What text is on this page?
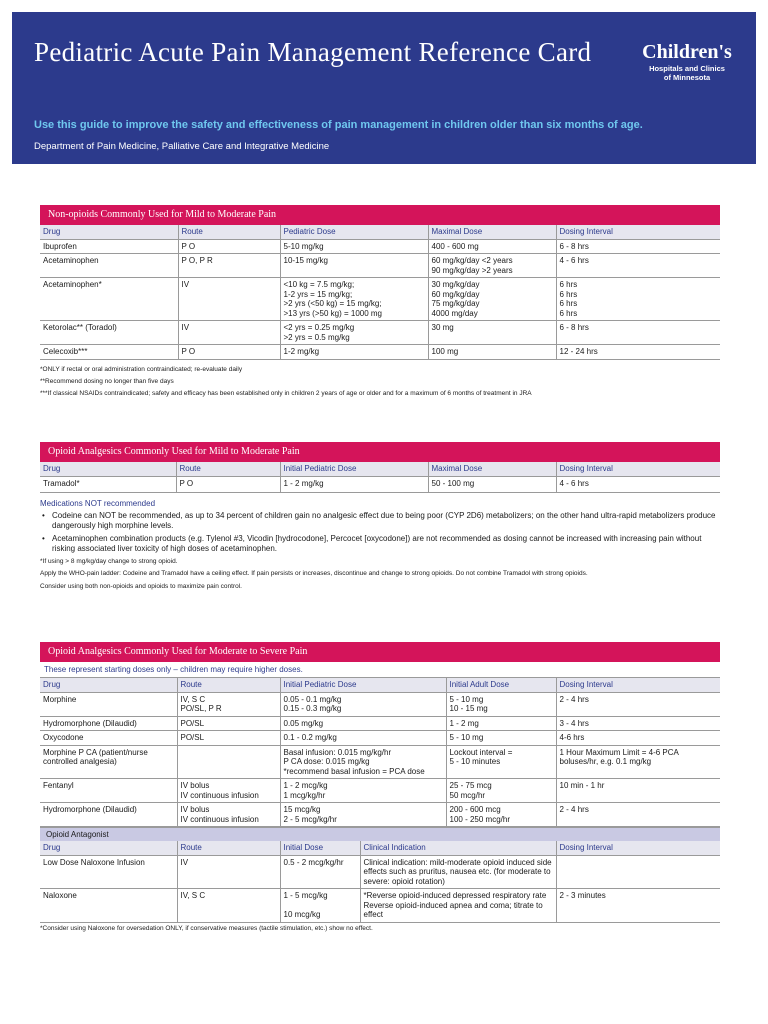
Pediatric Acute Pain Management Reference Card	Children's
Hospitals and Clinics
of Minnesota
Use this guide to improve the safety and effectiveness of pain management in children older than six months of age.
Department of Pain Medicine, Palliative Care and Integrative Medicine
Non-opioids Commonly Used for Mild to Moderate Pain
Drug	Route	Pediatric Dose	Maximal Dose	Dosing Interval
Ibuprofen	P O	5-10 mg/kg	400 - 600 mg	6 - 8 hrs
Acetaminophen	P O, P R	10-15 mg/kg	60 mg/kg/day <2 years
90 mg/kg/day >2 years	4 - 6 hrs
Acetaminophen*	IV	<10 kg = 7.5 mg/kg;
1-2 yrs = 15 mg/kg;
>2 yrs (<50 kg) = 15 mg/kg;
>13 yrs (>50 kg) = 1000 mg	30 mg/kg/day
60 mg/kg/day
75 mg/kg/day
4000 mg/day	6 hrs
6 hrs
6 hrs
6 hrs
Ketorolac** (Toradol)	IV	<2 yrs = 0.25 mg/kg
>2 yrs = 0.5 mg/kg	30 mg	6 - 8 hrs
Celecoxib***	P O	1-2 mg/kg	100 mg	12 - 24 hrs
*ONLY if rectal or oral administration contraindicated; re-evaluate daily
**Recommend dosing no longer than five days
***If classical NSAIDs contraindicated; safety and efficacy has been established only in children 2 years of age or older and for a maximum of 6 months of treatment in JRA
Opioid Analgesics Commonly Used for Mild to Moderate Pain
Drug	Route	Initial Pediatric Dose	Maximal Dose	Dosing Interval
Tramadol*	P O	1 - 2 mg/kg	50 - 100 mg	4 - 6 hrs
Medications NOT recommended
• Codeine can NOT be recommended, as up to 34 percent of children gain no analgesic effect due to being poor (CYP 2D6) metabolizers; on the other hand ultra-rapid metabolizers produce dangerously high morphine levels.
• Acetaminophen combination products (e.g. Tylenol #3, Vicodin [hydrocodone], Percocet [oxycodone]) are not recommended as dosing cannot be increased with increasing pain without risking associated liver toxicity of high doses of acetaminophen.

*If using > 8 mg/kg/day change to strong opioid.

Apply the WHO-pain ladder: Codeine and Tramadol have a ceiling effect. If pain persists or increases, discontinue and change to strong opioids. Do not combine Tramadol with strong opioids.

Consider using both non-opioids and opioids to maximize pain control.

Opioid Analgesics Commonly Used for Moderate to Severe Pain
These represent starting doses only – children may require higher doses.
Drug	Route	Initial Pediatric Dose	Initial Adult Dose	Dosing Interval
Morphine	IV, S C
PO/SL, P R	0.05 - 0.1 mg/kg
0.15 - 0.3 mg/kg	5 - 10 mg
10 - 15 mg	2 - 4 hrs
Hydromorphone (Dilaudid)	PO/SL	0.05 mg/kg	1 - 2 mg	3 - 4 hrs
Oxycodone	PO/SL	0.1 - 0.2 mg/kg	5 - 10 mg	4-6 hrs
Morphine P CA (patient/nurse controlled analgesia)		Basal infusion: 0.015 mg/kg/hr
P CA dose: 0.015 mg/kg
*recommend basal infusion = PCA dose	Lockout interval =
5 - 10 minutes	1 Hour Maximum Limit = 4-6 PCA boluses/hr, e.g. 0.1 mg/kg
Fentanyl	IV bolus
IV continuous infusion	1 - 2 mcg/kg
1 mcg/kg/hr	25 - 75 mcg
50 mcg/hr	10 min - 1 hr
Hydromorphone (Dilaudid)	IV bolus
IV continuous infusion	15 mcg/kg
2 - 5 mcg/kg/hr	200 - 600 mcg
100 - 250 mcg/hr	2 - 4 hrs
Opioid Antagonist
Drug	Route	Initial Dose	Clinical Indication	Dosing Interval
Low Dose Naloxone Infusion	IV	0.5 - 2 mcg/kg/hr	Clinical indication: mild-moderate opioid induced side effects such as pruritus, nausea etc. (for moderate to severe: opioid rotation)	
Naloxone	IV, S C	1 - 5 mcg/kg

10 mcg/kg	*Reverse opioid-induced depressed respiratory rate
Reverse opioid-induced apnea and coma; titrate to effect	2 - 3 minutes
*Consider using Naloxone for oversedation ONLY, if conservative measures (tactile stimulation, etc.) show no effect.
